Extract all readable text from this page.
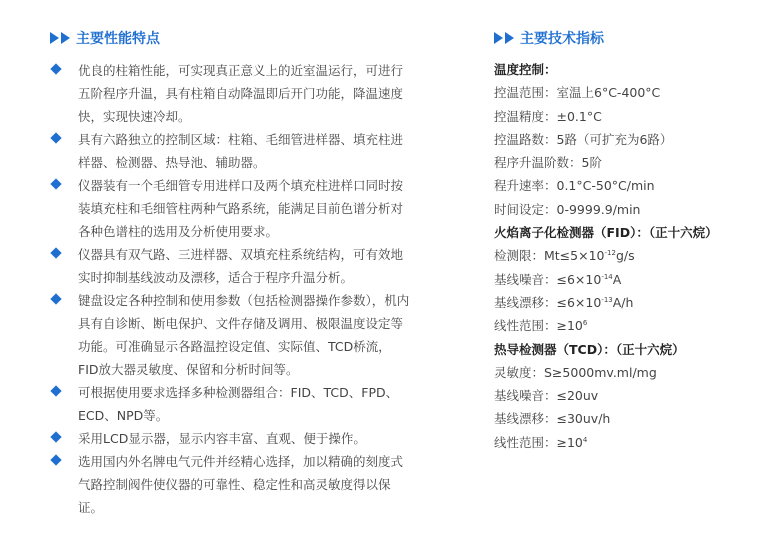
主要性能特点
优良的柱箱性能，可实现真正意义上的近室温运行，可进行五阶程序升温，具有柱箱自动降温即后开门功能，降温速度快，实现快速冷却。
具有六路独立的控制区域：柱箱、毛细管进样器、填充柱进样器、检测器、热导池、辅助器。
仪器装有一个毛细管专用进样口及两个填充柱进样口同时按装填充柱和毛细管柱两种气路系统，能满足目前色谱分析对各种色谱柱的选用及分析使用要求。
仪器具有双气路、三进样器、双填充柱系统结构，可有效地实时抑制基线波动及漂移，适合于程序升温分析。
键盘设定各种控制和使用参数（包括检测器操作参数），机内具有自诊断、断电保护、文件存储及调用、极限温度设定等功能。可准确显示各路温控设定值、实际值、TCD桥流，FID放大器灵敏度、保留和分析时间等。
可根据使用要求选择多种检测器组合：FID、TCD、FPD、ECD、NPD等。
采用LCD显示器，显示内容丰富、直观、便于操作。
选用国内外名牌电气元件并经精心选择，加以精确的刻度式气路控制阀件使仪器的可靠性、稳定性和高灵敏度得以保证。
主要技术指标
温度控制：
控温范围：室温上6°C-400°C
控温精度：±0.1°C
控温路数：5路（可扩充为6路）
程序升温阶数：5阶
程升速率：0.1°C-50°C/min
时间设定：0-9999.9/min
火焰离子化检测器（FID）：（正十六烷）
检测限：$Mt\le 5\times 10^{-12}g/s$
基线噪音：$\le 6\times 10^{-14}A$
基线漂移：$\le 6\times 10^{-13}A/h$
线性范围：$\ge 10^6$
热导检测器（TCD）：（正十六烷）
灵敏度：S≥5000mv.ml/mg
基线噪音：≤20uv
基线漂移：≤30uv/h
线性范围：$\ge 10^4$
